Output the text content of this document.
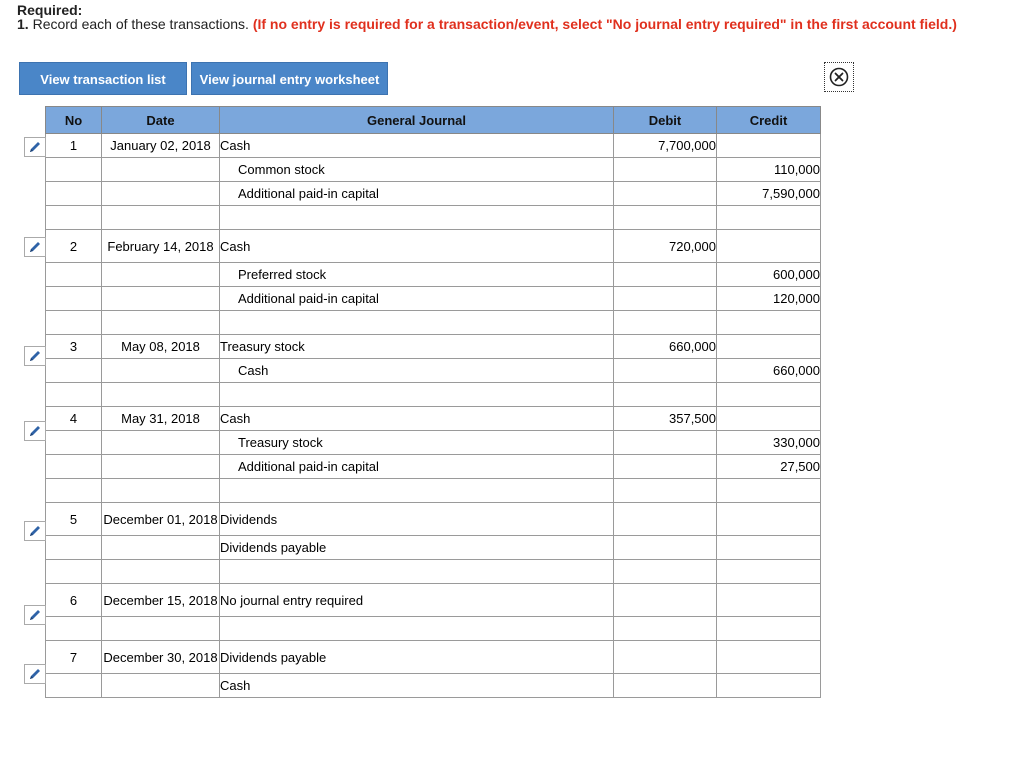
Required:
1. Record each of these transactions. (If no entry is required for a transaction/event, select "No journal entry required" in the first account field.)
View transaction list	View journal entry worksheet
No	Date	General Journal	Debit	Credit
1	January 02, 2018	Cash	7,700,000	
		Common stock		110,000
		Additional paid-in capital		7,590,000

2	February 14, 2018	Cash	720,000	
		Preferred stock		600,000
		Additional paid-in capital		120,000

3	May 08, 2018	Treasury stock	660,000	
		Cash		660,000

4	May 31, 2018	Cash	357,500	
		Treasury stock		330,000
		Additional paid-in capital		27,500

5	December 01, 2018	Dividends		
		Dividends payable		

6	December 15, 2018	No journal entry required		

7	December 30, 2018	Dividends payable		
		Cash		
